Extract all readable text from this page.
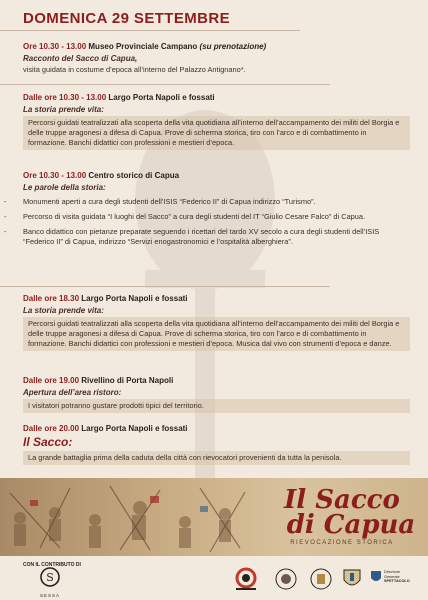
DOMENICA 29 SETTEMBRE
Ore 10.30 - 13.00 Museo Provinciale Campano (su prenotazione)
Racconto del Sacco di Capua,
visita guidata in costume d’epoca all’interno del Palazzo Antignano*.
Dalle ore 10.30 - 13.00 Largo Porta Napoli e fossati
La storia prende vita:
Percorsi guidati teatralizzati alla scoperta della vita quotidiana all’interno dell’accampamento dei militi del Borgia e delle truppe aragonesi a difesa di Capua. Prove di scherma storica, tiro con l’arco e di combattimento in formazione. Banchi didattici con professioni e mestieri d’epoca.
Ore 10.30 - 13.00 Centro storico di Capua
Le parole della storia:
- Monumenti aperti a cura degli studenti dell’ISIS “Federico II” di Capua indirizzo “Turismo”.
- Percorso di visita guidata “I luoghi del Sacco” a cura degli studenti del IT “Giulio Cesare Falco” di Capua.
- Banco didattico con pietanze preparate seguendo i ricettari del tardo XV secolo a cura degli studenti dell’ISIS “Federico II” di Capua, indirizzo “Servizi enogastronomici e l’ospitalità alberghiera”.
Dalle ore 18.30 Largo Porta Napoli e fossati
La storia prende vita:
Percorsi guidati teatralizzati alla scoperta della vita quotidiana all’interno dell’accampamento dei militi del Borgia e delle truppe aragonesi a difesa di Capua. Prove di scherma storica, tiro con l’arco e di combattimento in formazione. Banchi didattici con professioni e mestieri d’epoca. Musica dal vivo con strumenti d’epoca e danze.
Dalle ore 19.00 Rivellino di Porta Napoli
Apertura dell’area ristoro:
I visitatori potranno gustare prodotti tipici del territorio.
Dalle ore 20.00 Largo Porta Napoli e fossati
Il Sacco:
La grande battaglia prima della caduta della città con rievocatori provenienti da tutta la penisola.
Il Sacco
di Capua
RIEVOCAZIONE STORICA
CON IL CONTRIBUTO DI
S
SESSA
Direzione
Generale
SPETTACOLO
